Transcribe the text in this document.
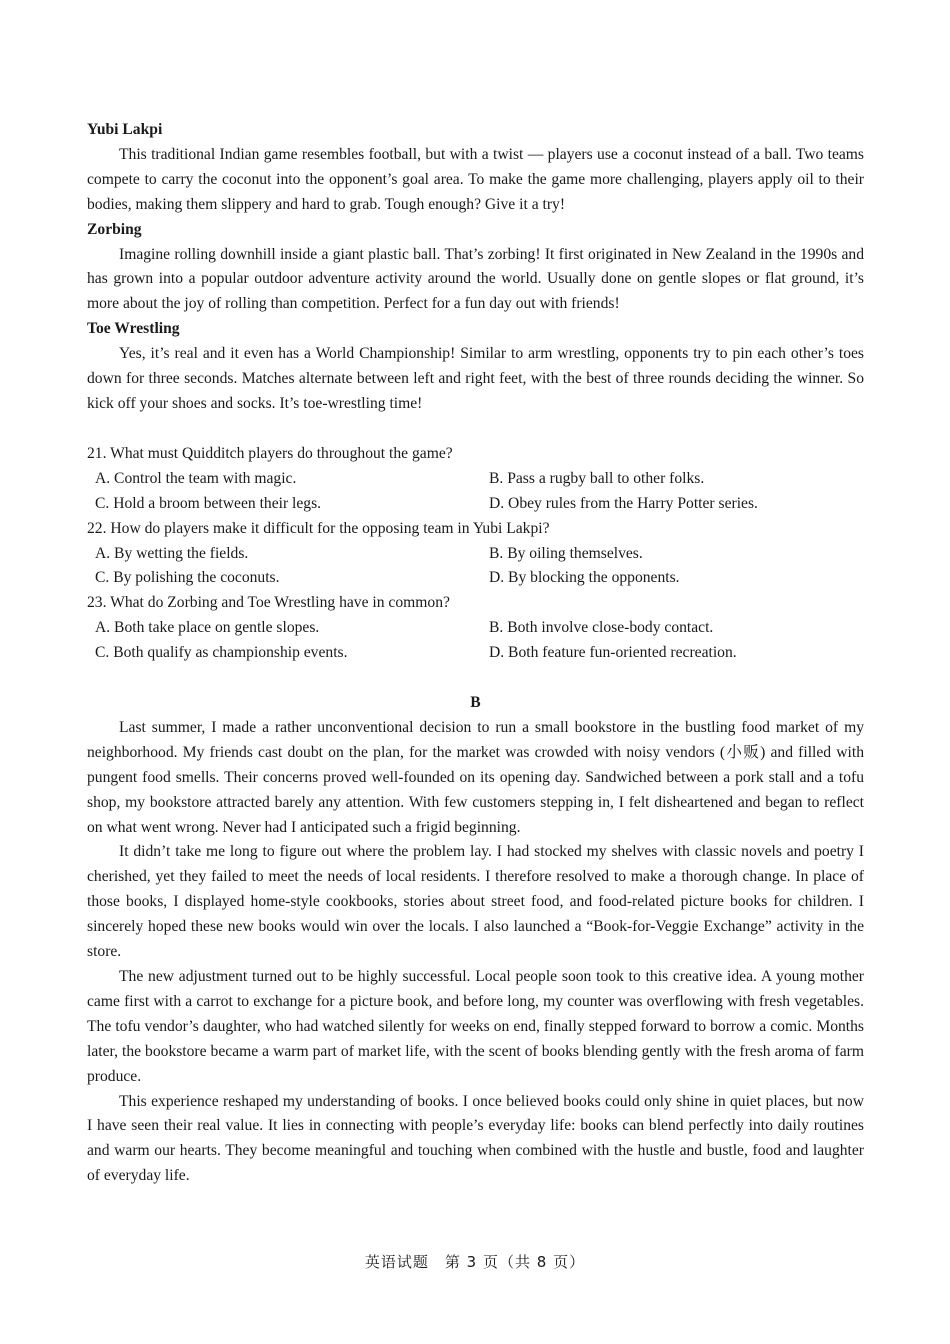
Yubi Lakpi

This traditional Indian game resembles football, but with a twist — players use a coconut instead of a ball. Two teams compete to carry the coconut into the opponent’s goal area. To make the game more challenging, players apply oil to their bodies, making them slippery and hard to grab. Tough enough? Give it a try!

Zorbing

Imagine rolling downhill inside a giant plastic ball. That’s zorbing! It first originated in New Zealand in the 1990s and has grown into a popular outdoor adventure activity around the world. Usually done on gentle slopes or flat ground, it’s more about the joy of rolling than competition. Perfect for a fun day out with friends!

Toe Wrestling

Yes, it’s real and it even has a World Championship! Similar to arm wrestling, opponents try to pin each other’s toes down for three seconds. Matches alternate between left and right feet, with the best of three rounds deciding the winner. So kick off your shoes and socks. It’s toe-wrestling time!

21. What must Quidditch players do throughout the game?

A. Control the team with magic.	B. Pass a rugby ball to other folks.
C. Hold a broom between their legs.	D. Obey rules from the Harry Potter series.

22. How do players make it difficult for the opposing team in Yubi Lakpi?

A. By wetting the fields.	B. By oiling themselves.
C. By polishing the coconuts.	D. By blocking the opponents.

23. What do Zorbing and Toe Wrestling have in common?

A. Both take place on gentle slopes.	B. Both involve close-body contact.
C. Both qualify as championship events.	D. Both feature fun-oriented recreation.

B

Last summer, I made a rather unconventional decision to run a small bookstore in the bustling food market of my neighborhood. My friends cast doubt on the plan, for the market was crowded with noisy vendors (小贩) and filled with pungent food smells. Their concerns proved well-founded on its opening day. Sandwiched between a pork stall and a tofu shop, my bookstore attracted barely any attention. With few customers stepping in, I felt disheartened and began to reflect on what went wrong. Never had I anticipated such a frigid beginning.

It didn’t take me long to figure out where the problem lay. I had stocked my shelves with classic novels and poetry I cherished, yet they failed to meet the needs of local residents. I therefore resolved to make a thorough change. In place of those books, I displayed home-style cookbooks, stories about street food, and food-related picture books for children. I sincerely hoped these new books would win over the locals. I also launched a “Book-for-Veggie Exchange” activity in the store.

The new adjustment turned out to be highly successful. Local people soon took to this creative idea. A young mother came first with a carrot to exchange for a picture book, and before long, my counter was overflowing with fresh vegetables. The tofu vendor’s daughter, who had watched silently for weeks on end, finally stepped forward to borrow a comic. Months later, the bookstore became a warm part of market life, with the scent of books blending gently with the fresh aroma of farm produce.

This experience reshaped my understanding of books. I once believed books could only shine in quiet places, but now I have seen their real value. It lies in connecting with people’s everyday life: books can blend perfectly into daily routines and warm our hearts. They become meaningful and touching when combined with the hustle and bustle, food and laughter of everyday life.

英语试题　第 3 页（共 8 页）
